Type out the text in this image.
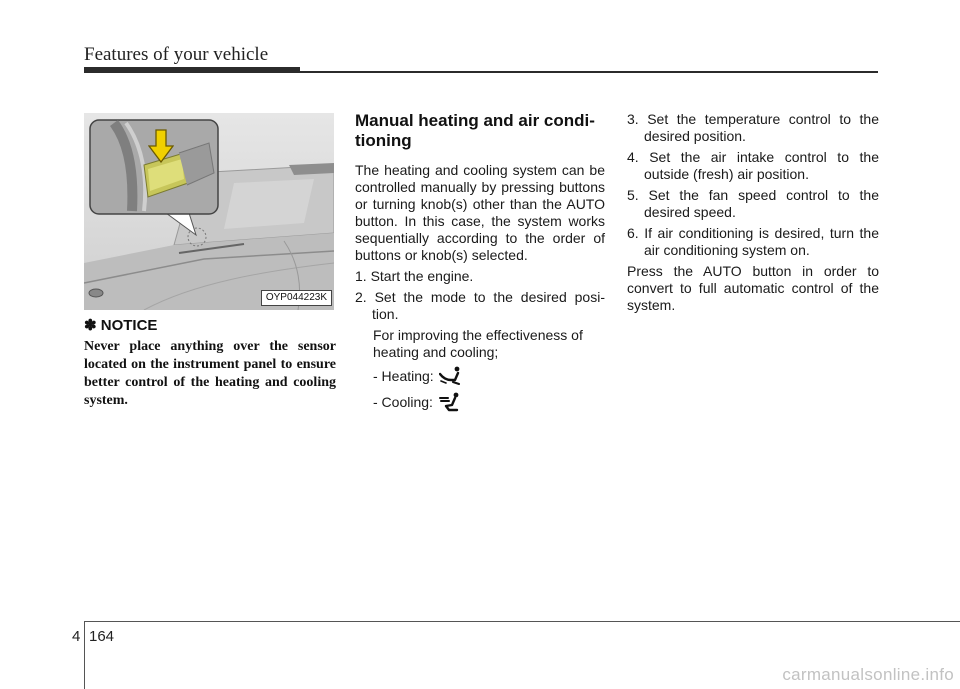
Features of your vehicle
OYP044223K
✽ NOTICE
Never place anything over the sensor located on the instrument panel to ensure better control of the heating and cooling system.
Manual heating and air condi- tioning

The heating and cooling system can be controlled manually by pressing buttons or turning knob(s) other than the AUTO button. In this case, the system works sequentially according to the order of buttons or knob(s) selected.

1. Start the engine.

2. Set the mode to the desired posi- tion.

For improving the effectiveness of heating and cooling;

- Heating:

- Cooling:

3. Set the temperature control to the desired position.

4. Set the air intake control to the outside (fresh) air position.

5. Set the fan speed control to the desired speed.

6. If air conditioning is desired, turn the air conditioning system on.

Press the AUTO button in order to convert to full automatic control of the system.

4 164
carmanualsonline.info
